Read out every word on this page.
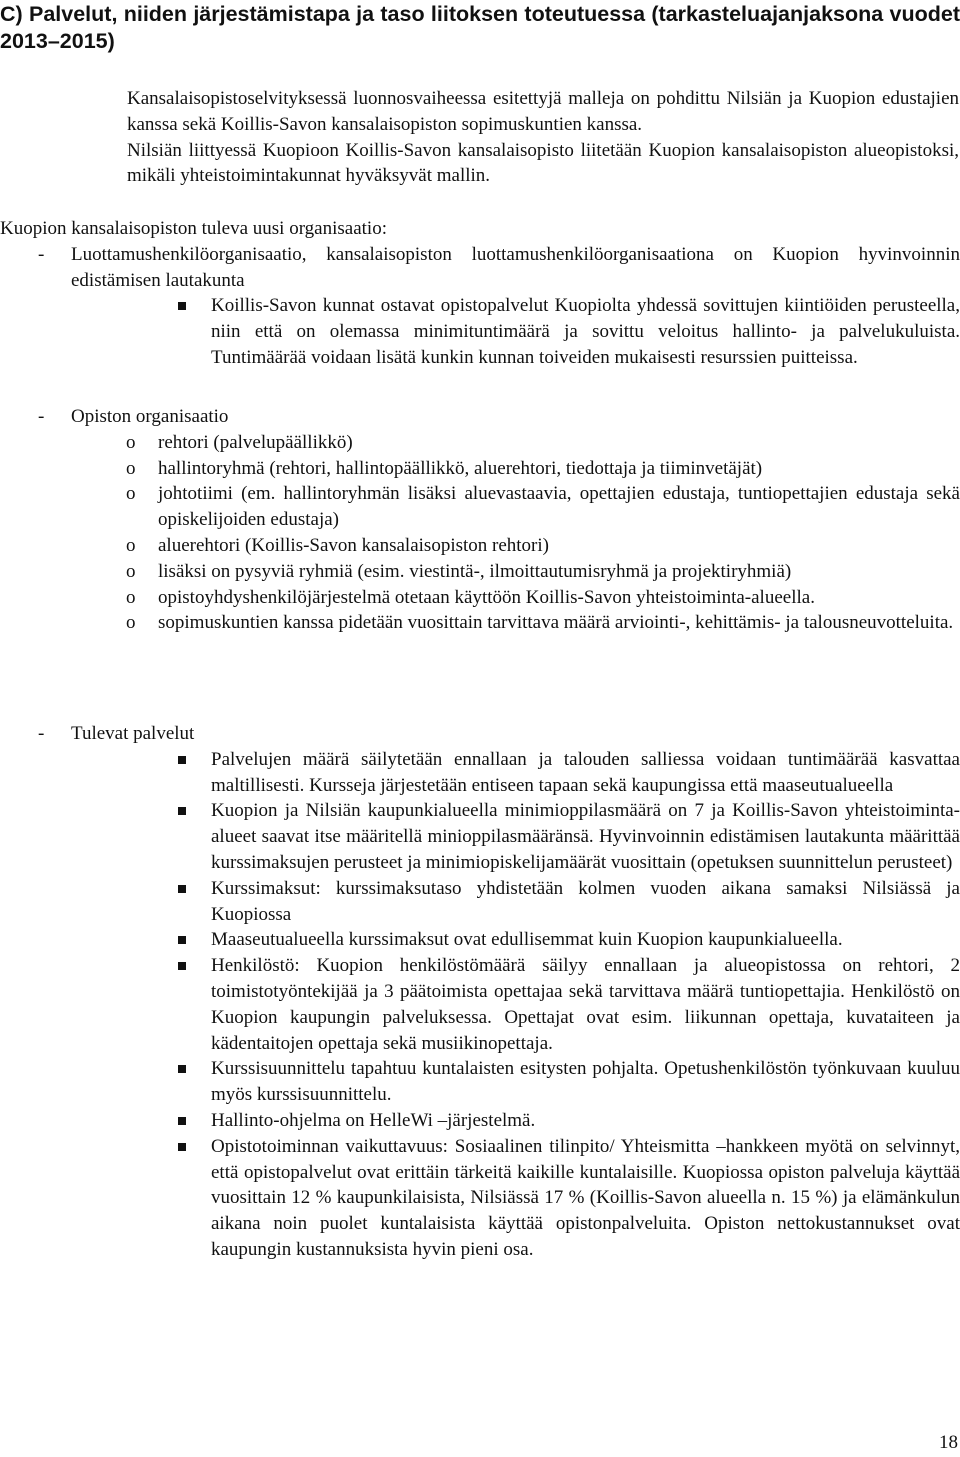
C) Palvelut, niiden järjestämistapa ja taso liitoksen toteutuessa (tarkasteluajanjaksona vuodet 2013–2015)

Kansalaisopistoselvityksessä luonnosvaiheessa esitettyjä malleja on pohdittu Nilsiän ja Kuopion edustajien kanssa sekä Koillis-Savon kansalaisopiston sopimuskuntien kanssa.

Nilsiän liittyessä Kuopioon Koillis-Savon kansalaisopisto liitetään Kuopion kansalaisopiston alueopistoksi, mikäli yhteistoimintakunnat hyväksyvät mallin.

Kuopion kansalaisopiston tuleva uusi organisaatio:

- Luottamushenkilöorganisaatio, kansalaisopiston luottamushenkilöorganisaationa on Kuopion hyvinvoinnin edistämisen lautakunta
Koillis-Savon kunnat ostavat opistopalvelut Kuopiolta yhdessä sovittujen kiintiöiden perusteella, niin että on olemassa minimituntimäärä ja sovittu veloitus hallinto- ja palvelukuluista. Tuntimäärää voidaan lisätä kunkin kunnan toiveiden mukaisesti resurssien puitteissa.
- Opiston organisaatio
o rehtori (palvelupäällikkö)
o hallintoryhmä (rehtori, hallintopäällikkö, aluerehtori, tiedottaja ja tiiminvetäjät)
o johtotiimi (em. hallintoryhmän lisäksi aluevastaavia, opettajien edustaja, tuntiopettajien edustaja sekä opiskelijoiden edustaja)
o aluerehtori (Koillis-Savon kansalaisopiston rehtori)
o lisäksi on pysyviä ryhmiä (esim. viestintä-, ilmoittautumisryhmä ja projektiryhmiä)
o opistoyhdyshenkilöjärjestelmä otetaan käyttöön Koillis-Savon yhteistoiminta-alueella.
o sopimuskuntien kanssa pidetään vuosittain tarvittava määrä arviointi-, kehittämis- ja talousneuvotteluita.
- Tulevat palvelut
Palvelujen määrä säilytetään ennallaan ja talouden salliessa voidaan tuntimäärää kasvattaa maltillisesti. Kursseja järjestetään entiseen tapaan sekä kaupungissa että maaseutualueella
Kuopion ja Nilsiän kaupunkialueella minimioppilasmäärä on 7 ja Koillis-Savon yhteistoiminta-alueet saavat itse määritellä minioppilasmääränsä. Hyvinvoinnin edistämisen lautakunta määrittää kurssimaksujen perusteet ja minimiopiskelijamäärät vuosittain (opetuksen suunnittelun perusteet)
Kurssimaksut: kurssimaksutaso yhdistetään kolmen vuoden aikana samaksi Nilsiässä ja Kuopiossa
Maaseutualueella kurssimaksut ovat edullisemmat kuin Kuopion kaupunkialueella.
Henkilöstö: Kuopion henkilöstömäärä säilyy ennallaan ja alueopistossa on rehtori, 2 toimistotyöntekijää ja 3 päätoimista opettajaa sekä tarvittava määrä tuntiopettajia. Henkilöstö on Kuopion kaupungin palveluksessa. Opettajat ovat esim. liikunnan opettaja, kuvataiteen ja kädentaitojen opettaja sekä musiikinopettaja.
Kurssisuunnittelu tapahtuu kuntalaisten esitysten pohjalta. Opetushenkilöstön työnkuvaan kuuluu myös kurssisuunnittelu.
Hallinto-ohjelma on HelleWi –järjestelmä.
Opistotoiminnan vaikuttavuus: Sosiaalinen tilinpito/ Yhteismitta –hankkeen myötä on selvinnyt, että opistopalvelut ovat erittäin tärkeitä kaikille kuntalaisille. Kuopiossa opiston palveluja käyttää vuosittain 12 % kaupunkilaisista, Nilsiässä 17 % (Koillis-Savon alueella n. 15 %) ja elämänkulun aikana noin puolet kuntalaisista käyttää opistonpalveluita. Opiston nettokustannukset ovat kaupungin kustannuksista hyvin pieni osa.
18
